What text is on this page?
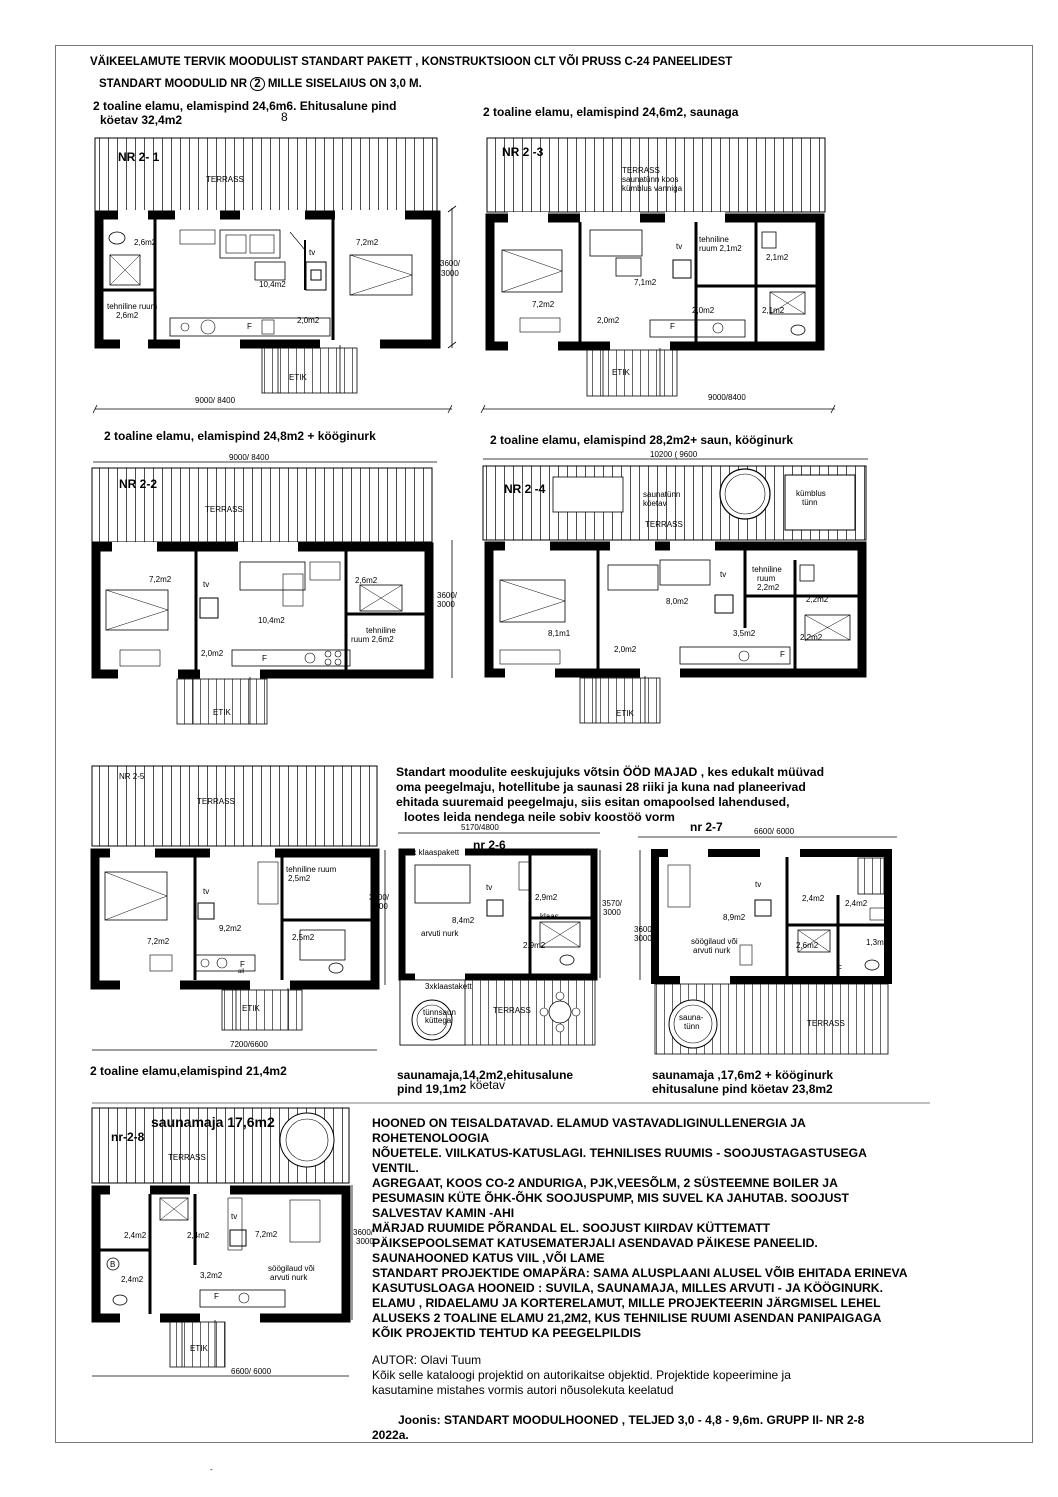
VÄIKEELAMUTE TERVIK MOODULIST STANDART PAKETT , KONSTRUKTSIOON CLT VÕI PRUSS C-24 PANEELIDEST
STANDART MOODULID NR 2 MILLE SISELAIUS ON 3,0 M.
2 toaline elamu, elamispind 24,6m6. Ehitusalune pind
8
köetav 32,4m2
NR 2- 1
TERRASS
2,6m2
10,4m2
7,2m2
tehniline ruum
2,6m2
2,0m2
tv
F
ETIK
9000/ 8400
3600/
3000
2 toaline elamu, elamispind 24,6m2, saunaga
NR 2 -3
TERRASS
saunatünn koos
kümblus vanniga
7,2m2
7,1m2
tehniline
ruum 2,1m2
2,1m2
2,0m2
2,0m2	2,1m2
tv
F
ETIK
9000/8400
2 toaline elamu, elamispind 24,8m2 + kööginurk
9000/ 8400
NR 2-2
TERRASS
7,2m2
10,4m2
2,6m2
tehniline
ruum 2,6m2
2,0m2
tv
F
ETIK
3600/
3000
2 toaline elamu, elamispind 28,2m2+ saun, kööginurk
10200 ( 9600
NR 2 -4	saunatünn
köetav
TERRASS
kümblus
tünn
8,1m1
8,0m2
tehniline
ruum
2,2m2
2,2m2
3,5m2	2,2m2
2,0m2
tv
F
ETIK
NR 2-5
TERRASS
tehniline ruum
2,5m2
7,2m2
9,2m2
2,5m2
tv
F
all
ETIK
3600/
3000
7200/6600
2 toaline elamu,elamispind 21,4m2
Standart moodulite eeskujujuks võtsin ÖÖD MAJAD , kes edukalt müüvad
oma peegelmaju, hotellitube ja saunasi 28 riiki ja kuna nad planeerivad
ehitada suuremaid peegelmaju, siis esitan omapoolsed lahendused,
lootes leida nendega neile sobiv koostöö vorm
5170/4800
nr 2-6
3x klaaspakett
8,4m2
2,9m2
klaas
2,9m2
arvuti nurk
tv
3xklaastakett
tünnsaun
küttega
TERRASS
3570/
3000
saunamaja,14,2m2,ehitusalune
pind 19,1m2 köetav
nr 2-7	6600/ 6000
8,9m2
2,4m2
2,4m2
söögilaud või
arvuti nurk
2,6m2	1,3m2
tv
F
sauna-
tünn	TERRASS
3600/
3000
saunamaja ,17,6m2 + kööginurk
ehitusalune pind köetav 23,8m2
saunamaja 17,6m2
nr-2-8
TERRASS
2,4m2	2,4m2	7,2m2
2,4m2	3,2m2
söögilaud või
arvuti nurk
B
tv
F
ETIK
6600/ 6000
3600/
3000
HOONED ON TEISALDATAVAD. ELAMUD VASTAVADLIGINULLENERGIA JA
ROHETENOLOOGIA
NÕUETELE. VIILKATUS-KATUSLAGI. TEHNILISES RUUMIS - SOOJUSTAGASTUSEGA
VENTIL.
AGREGAAT, KOOS CO-2 ANDURIGA, PJK,VEESÕLM, 2 SÜSTEEMNE BOILER JA
PESUMASIN KÜTE ÕHK-ÕHK SOOJUSPUMP, MIS SUVEL KA JAHUTAB. SOOJUST
SALVESTAV KAMIN -AHI
MÄRJAD RUUMIDE PÕRANDAL EL. SOOJUST KIIRDAV KÜTTEMATT
PÄIKSEPOOLSEMAT KATUSEMATERJALI ASENDAVAD PÄIKESE PANEELID.
SAUNAHOONED KATUS VIIL ,VÕI LAME
STANDART PROJEKTIDE OMAPÄRA: SAMA ALUSPLAANI ALUSEL VÕIB EHITADA ERINEVA
KASUTUSLOAGA HOONEID : SUVILA, SAUNAMAJA, MILLES ARVUTI - JA KÖÖGINURK.
ELAMU , RIDAELAMU JA KORTERELAMUT, MILLE PROJEKTEERIN JÄRGMISEL LEHEL
ALUSEKS 2 TOALINE ELAMU 21,2M2, KUS TEHNILISE RUUMI ASENDAN PANIPAIGAGA
KÕIK PROJEKTID TEHTUD KA PEEGELPILDIS
AUTOR: Olavi Tuum
Kõik selle kataloogi projektid on autorikaitse objektid. Projektide kopeerimine ja
kasutamine mistahes vormis autori nõusolekuta keelatud
Joonis: STANDART MOODULHOONED , TELJED 3,0 - 4,8 - 9,6m. GRUPP II- NR 2-8
2022a.
-
